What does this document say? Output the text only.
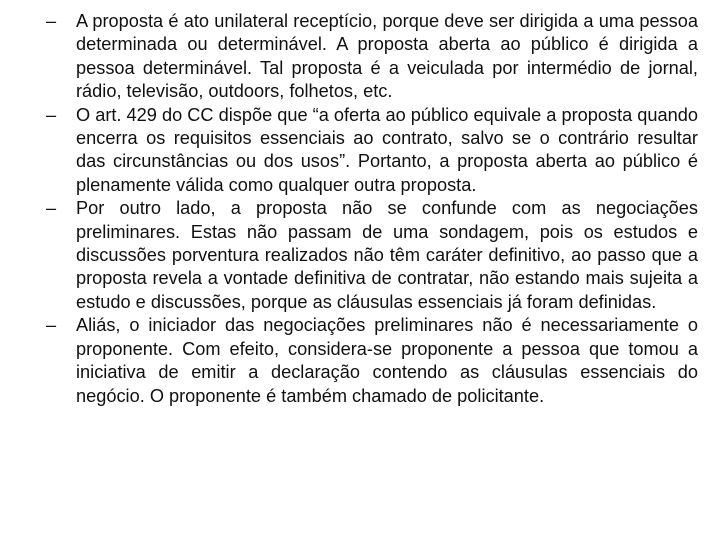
–	A proposta é ato unilateral receptício, porque deve ser dirigida a uma pessoa determinada ou determinável. A proposta aberta ao público é dirigida a pessoa determinável. Tal proposta é a veiculada por intermédio de jornal, rádio, televisão, outdoors, folhetos, etc.
–	O art. 429 do CC dispõe que “a oferta ao público equivale a proposta quando encerra os requisitos essenciais ao contrato, salvo se o contrário resultar das circunstâncias ou dos usos”. Portanto, a proposta aberta ao público é plenamente válida como qualquer outra proposta.
–	Por outro lado, a proposta não se confunde com as negociações preliminares. Estas não passam de uma sondagem, pois os estudos e discussões porventura realizados não têm caráter definitivo, ao passo que a proposta revela a vontade definitiva de contratar, não estando mais sujeita a estudo e discussões, porque as cláusulas essenciais já foram definidas.
–	Aliás, o iniciador das negociações preliminares não é necessariamente o proponente. Com efeito, considera-se proponente a pessoa que tomou a iniciativa de emitir a declaração contendo as cláusulas essenciais do negócio. O proponente é também chamado de policitante.
